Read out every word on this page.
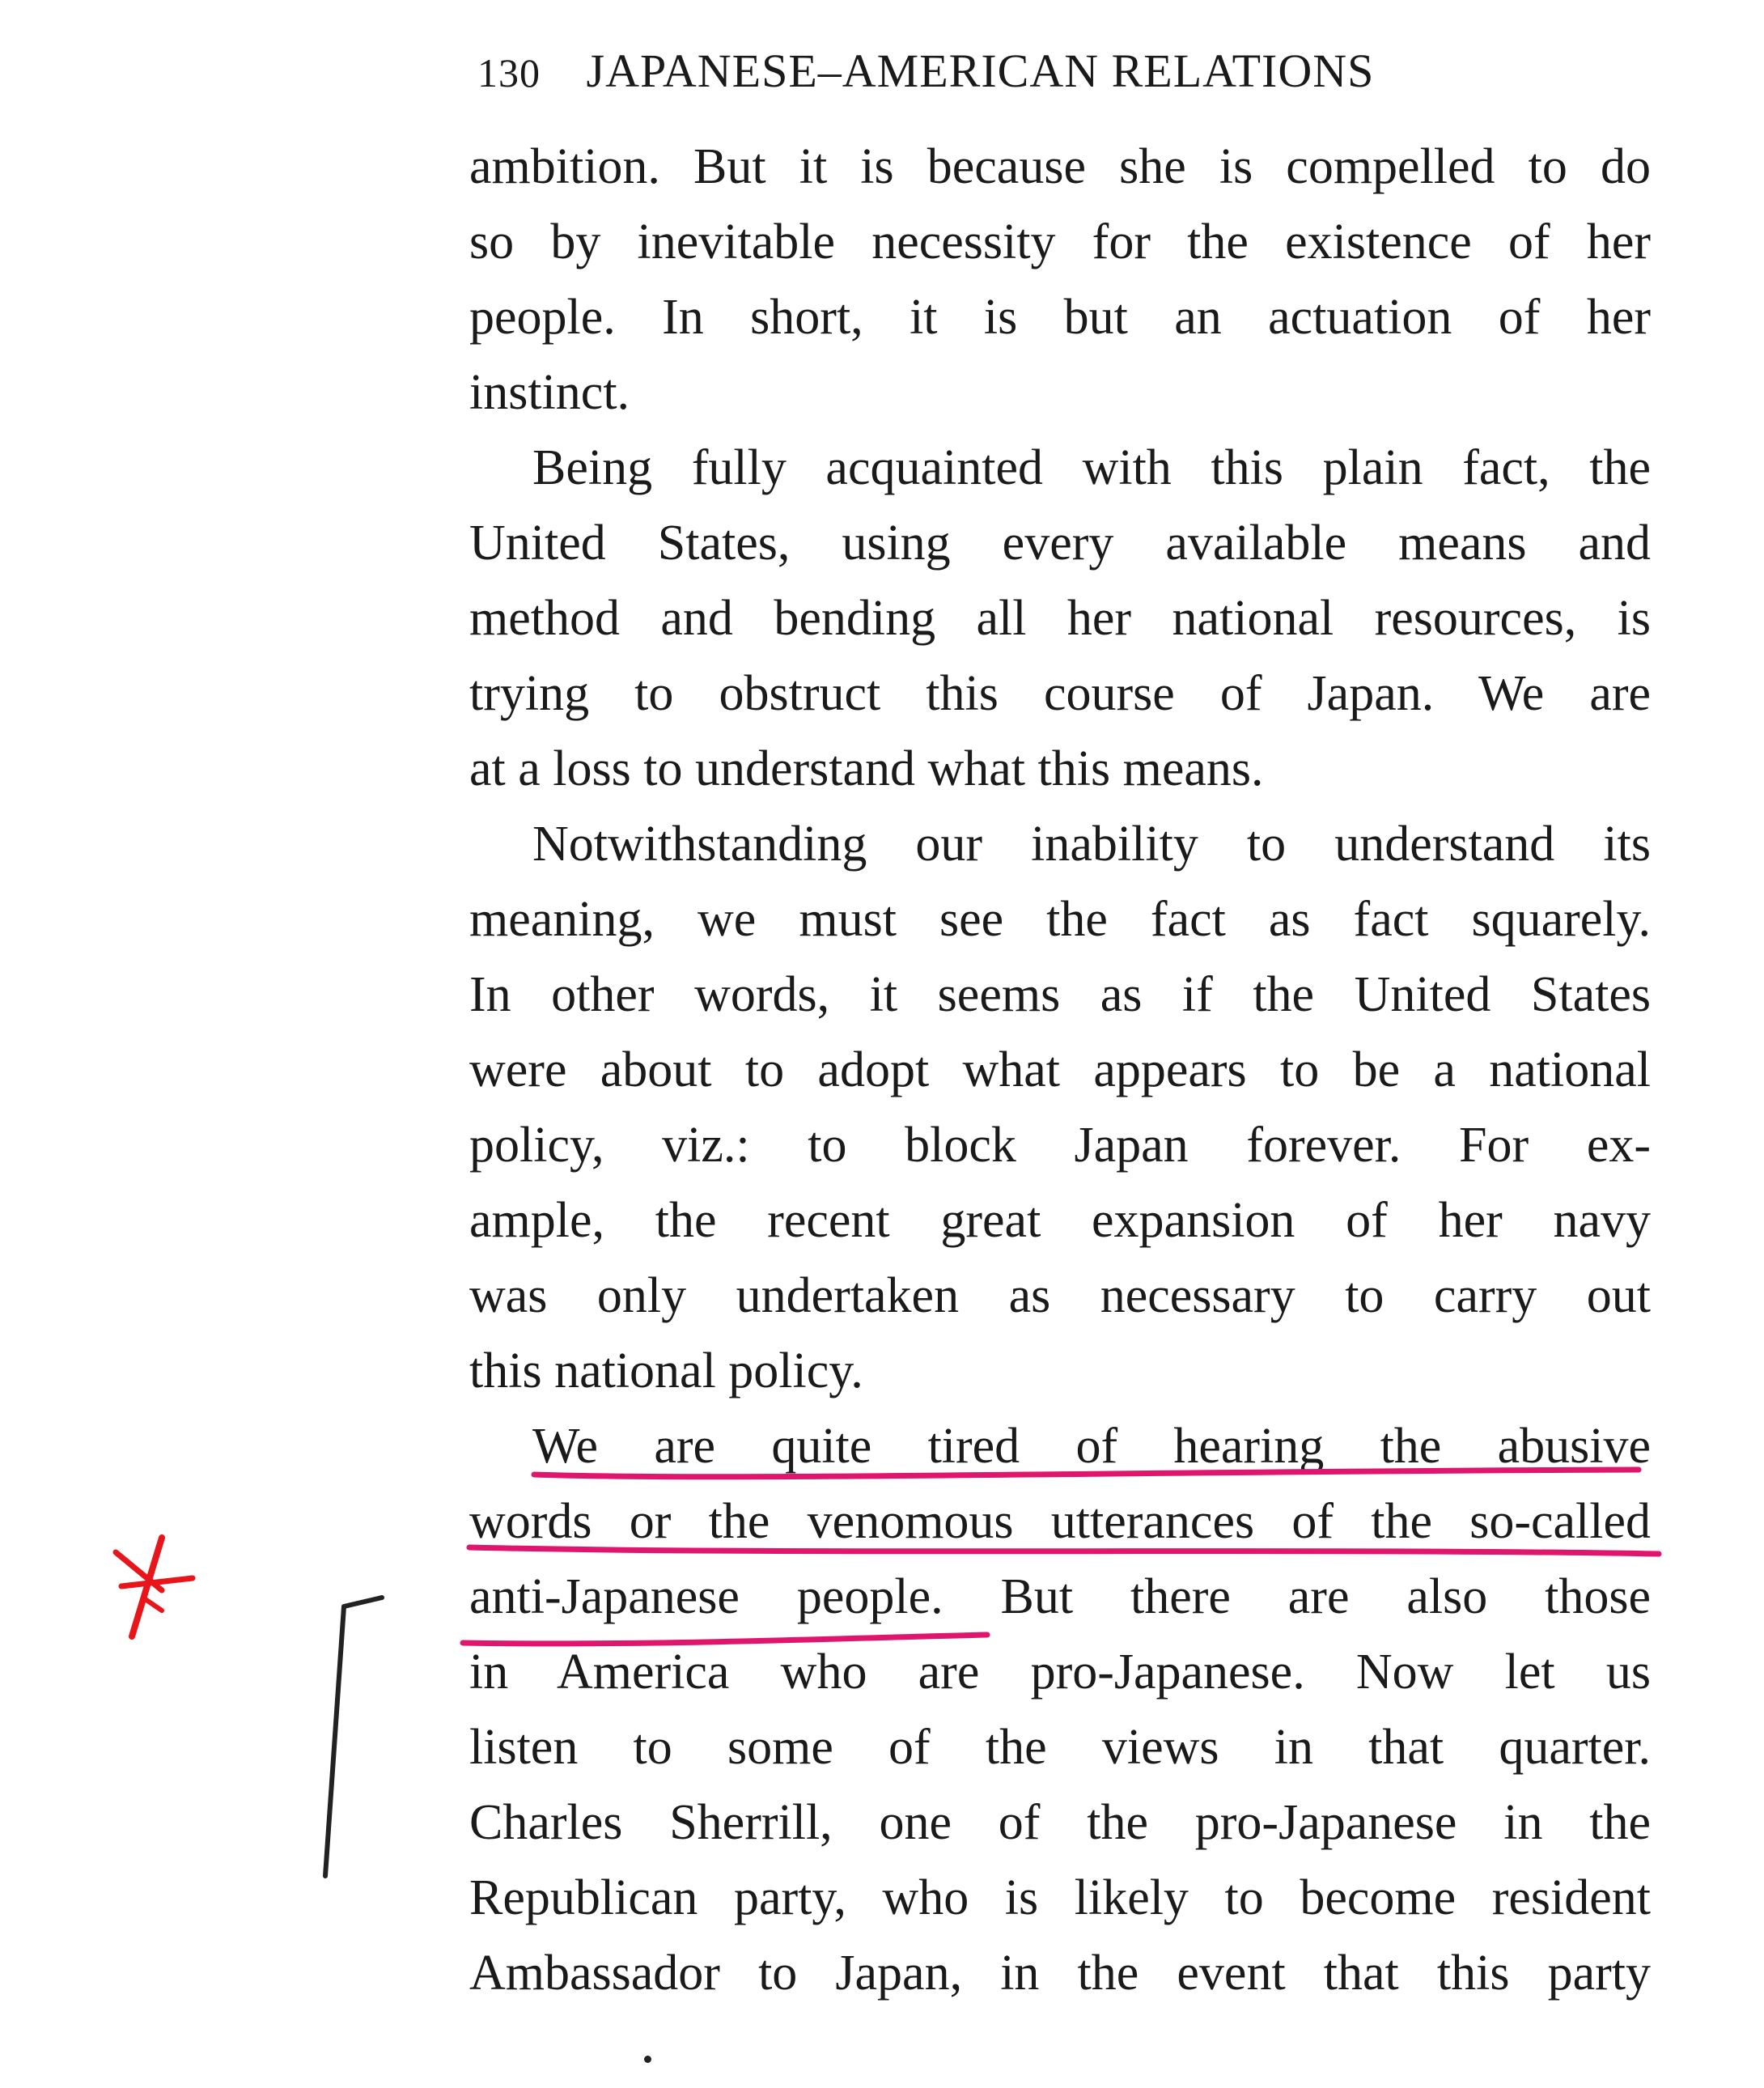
130 JAPANESE–AMERICAN RELATIONS
ambition. But it is because she is compelled to do
so by inevitable necessity for the existence of her
people. In short, it is but an actuation of her
instinct.
Being fully acquainted with this plain fact, the
United States, using every available means and
method and bending all her national resources, is
trying to obstruct this course of Japan. We are
at a loss to understand what this means.
Notwithstanding our inability to understand its
meaning, we must see the fact as fact squarely.
In other words, it seems as if the United States
were about to adopt what appears to be a national
policy, viz.: to block Japan forever. For ex-
ample, the recent great expansion of her navy
was only undertaken as necessary to carry out
this national policy.
We are quite tired of hearing the abusive
words or the venomous utterances of the so-called
anti-Japanese people. But there are also those
in America who are pro-Japanese. Now let us
listen to some of the views in that quarter.
Charles Sherrill, one of the pro-Japanese in the
Republican party, who is likely to become resident
Ambassador to Japan, in the event that this party
